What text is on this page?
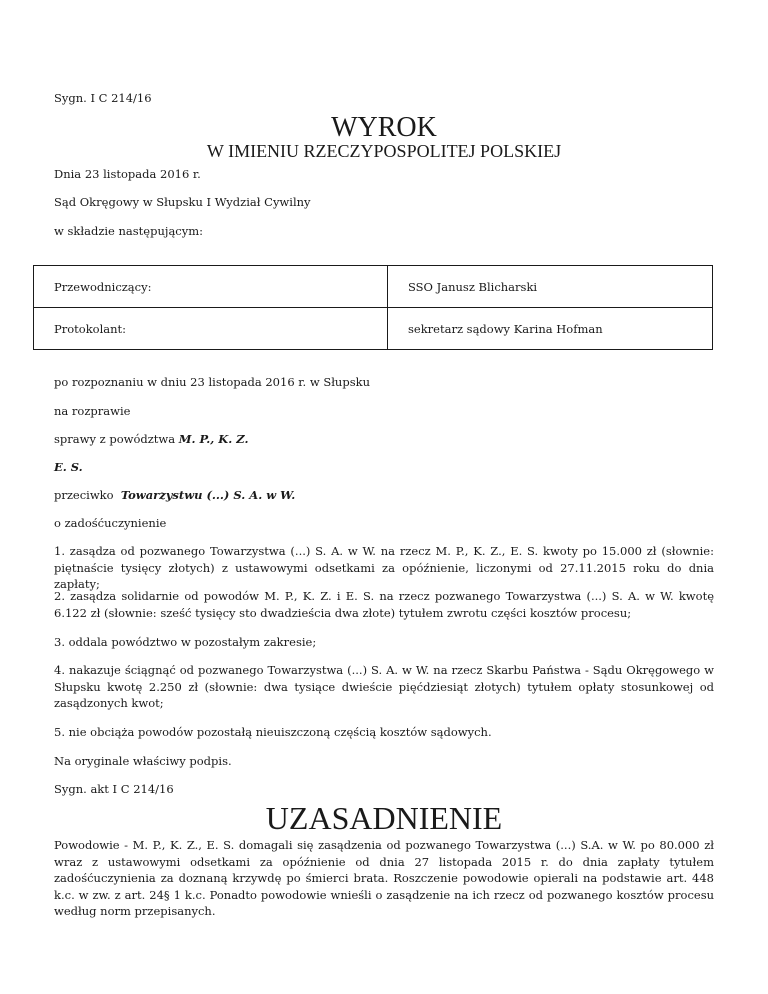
Sygn. I C 214/16
WYROK
W IMIENIU RZECZYPOSPOLITEJ POLSKIEJ
Dnia 23 listopada 2016 r.
Sąd Okręgowy w Słupsku I Wydział Cywilny
w składzie następującym:
Przewodniczący:	SSO Janusz Blicharski
Protokolant:	sekretarz sądowy Karina Hofman
po rozpoznaniu w dniu 23 listopada 2016 r. w Słupsku
na rozprawie
sprawy z powództwa M. P., K. Z.
E. S.
przeciwko  Towarzystwu (...) S. A. w W.
o zadośćuczynienie
1. zasądza od pozwanego Towarzystwa (...) S. A. w W. na rzecz M. P., K. Z., E. S. kwoty po 15.000 zł (słownie: piętnaście tysięcy złotych) z ustawowymi odsetkami za opóźnienie, liczonymi od 27.11.2015 roku do dnia zapłaty;
2. zasądza solidarnie od powodów M. P., K. Z. i E. S. na rzecz pozwanego Towarzystwa (...) S. A. w W. kwotę 6.122 zł (słownie: sześć tysięcy sto dwadzieścia dwa złote) tytułem zwrotu części kosztów procesu;
3. oddala powództwo w pozostałym zakresie;
4. nakazuje ściągnąć od pozwanego Towarzystwa (...) S. A. w W. na rzecz Skarbu Państwa - Sądu Okręgowego w Słupsku kwotę 2.250 zł (słownie: dwa tysiące dwieście pięćdziesiąt złotych) tytułem opłaty stosunkowej od zasądzonych kwot;
5. nie obciąża powodów pozostałą nieuiszczoną częścią kosztów sądowych.
Na oryginale właściwy podpis.
Sygn. akt I C 214/16
UZASADNIENIE
Powodowie - M. P., K. Z., E. S. domagali się zasądzenia od pozwanego Towarzystwa (...) S.A. w W. po 80.000 zł wraz z ustawowymi odsetkami za opóźnienie od dnia 27 listopada 2015 r. do dnia zapłaty tytułem zadośćuczynienia za doznaną krzywdę po śmierci brata. Roszczenie powodowie opierali na podstawie art. 448 k.c. w zw. z art. 24§ 1 k.c. Ponadto powodowie wnieśli o zasądzenie na ich rzecz od pozwanego kosztów procesu według norm przepisanych.
